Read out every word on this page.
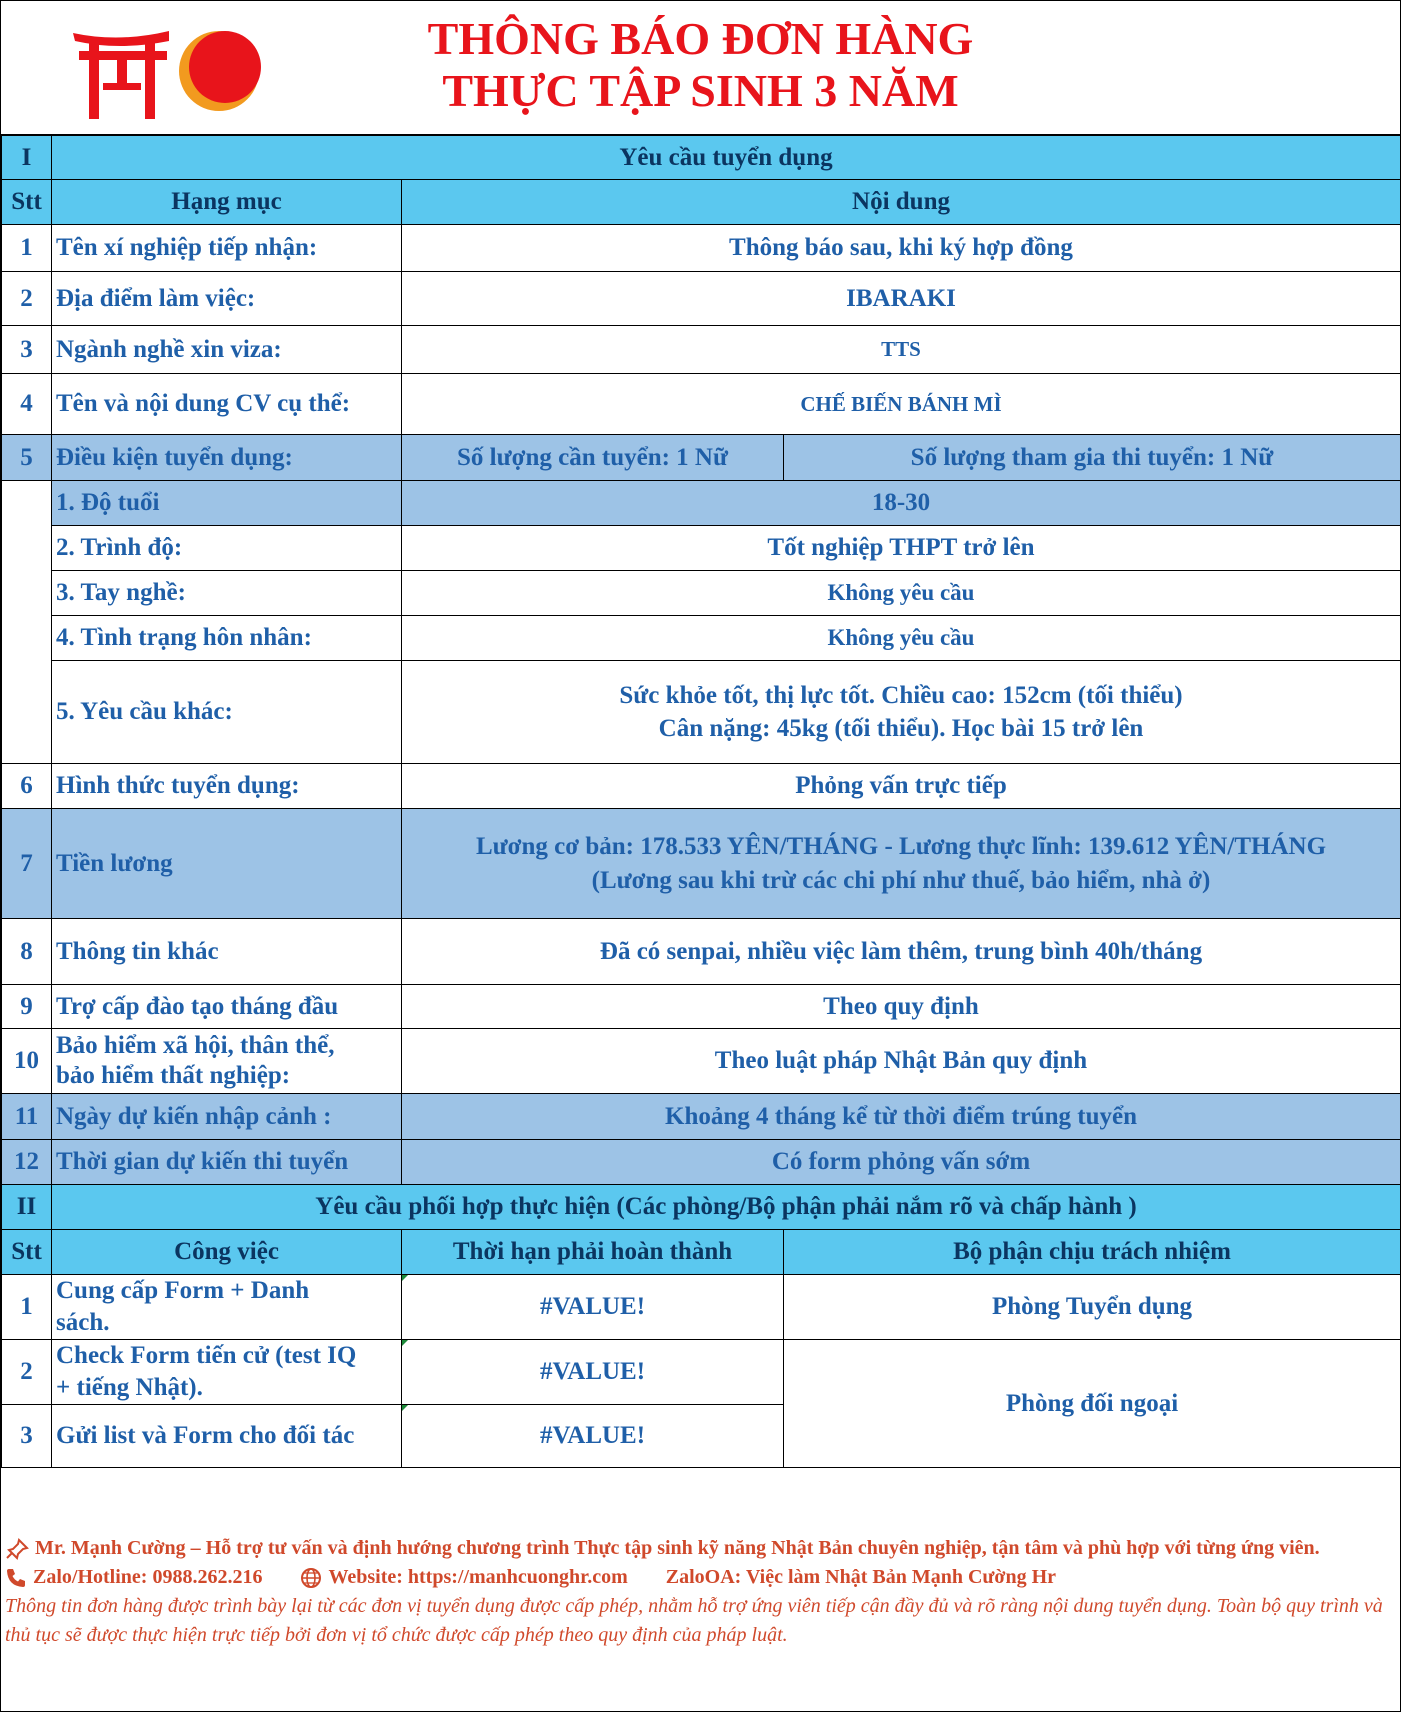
THÔNG BÁO ĐƠN HÀNG
THỰC TẬP SINH 3 NĂM
I	Yêu cầu tuyển dụng		
Stt	Hạng mục	Nội dung	
1	Tên xí nghiệp tiếp nhận:	Thông báo sau, khi ký hợp đồng	
2	Địa điểm làm việc:	IBARAKI	
3	Ngành nghề xin viza:	TTS	
4	Tên và nội dung CV cụ thể:	CHẾ BIẾN BÁNH MÌ	
5	Điều kiện tuyển dụng:	Số lượng cần tuyển: 1 Nữ	Số lượng tham gia thi tuyển: 1 Nữ
	1. Độ tuổi	18-30	
	2. Trình độ:	Tốt nghiệp THPT trở lên	
	3. Tay nghề:	Không yêu cầu	
	4. Tình trạng hôn nhân:	Không yêu cầu	
	5. Yêu cầu khác:	Sức khỏe tốt, thị lực tốt. Chiều cao: 152cm (tối thiểu)
Cân nặng: 45kg (tối thiểu). Học bài 15 trở lên	

6	Hình thức tuyển dụng:	Phỏng vấn trực tiếp	
7	Tiền lương	Lương cơ bản: 178.533 YÊN/THÁNG - Lương thực lĩnh: 139.612 YÊN/THÁNG
(Lương sau khi trừ các chi phí như thuế, bảo hiểm, nhà ở)	

8	Thông tin khác	Đã có senpai, nhiều việc làm thêm, trung bình 40h/tháng	
9	Trợ cấp đào tạo tháng đầu	Theo quy định	
10	Bảo hiểm xã hội, thân thể,
bảo hiểm thất nghiệp:	Theo luật pháp Nhật Bản quy định	
11	Ngày dự kiến nhập cảnh :	Khoảng 4 tháng kể từ thời điểm trúng tuyển	
12	Thời gian dự kiến thi tuyển	Có form phỏng vấn sớm	
II	Yêu cầu phối hợp thực hiện (Các phòng/Bộ phận phải nắm rõ và chấp hành )		
Stt	Công việc	Thời hạn phải hoàn thành	Bộ phận chịu trách nhiệm
1	Cung cấp Form + Danh
sách.	#VALUE!	Phòng Tuyển dụng
2	Check Form tiến cử (test IQ
+ tiếng Nhật).	#VALUE!	Phòng đối ngoại
3	Gửi list và Form cho đối tác	#VALUE!	
Mr. Mạnh Cường – Hỗ trợ tư vấn và định hướng chương trình Thực tập sinh kỹ năng Nhật Bản chuyên nghiệp, tận tâm và phù hợp với từng ứng viên.
Zalo/Hotline: 0988.262.216	Website: https://manhcuonghr.com ZaloOA: Việc làm Nhật Bản Mạnh Cường Hr
Thông tin đơn hàng được trình bày lại từ các đơn vị tuyển dụng được cấp phép, nhằm hỗ trợ ứng viên tiếp cận đầy đủ và rõ ràng nội dung tuyển dụng. Toàn bộ quy trình và thủ tục sẽ được thực hiện trực tiếp bởi đơn vị tổ chức được cấp phép theo quy định của pháp luật.
